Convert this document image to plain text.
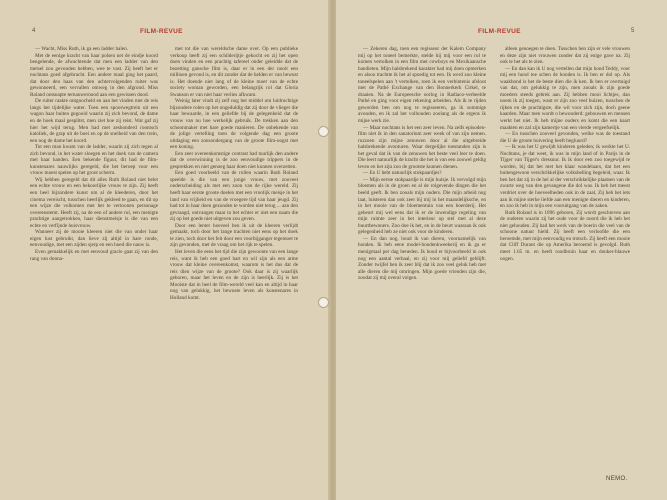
4	FILM-REVUE

— Wacht, Miss Ruth, ik ga een ladder halen.

Met de eenige kracht van haar polsen net de eindje koord bengelende, de afwachtende dat men een ladder van den metsel zou gevonden hebben, wee te vast. Zij heeft het er nochtans goed afgebracht. Een andere maal ging het paard, dat door den haas van den achtervolgenden ruiter was gewonneerd, een vervallen omweg in den afgrond. Miss Roland ontsnapte ternauwernood aan een gewissen dood.

De ruiter raakte ontgoocheld en aan het vinden met de reis langs het tijdelijke water. Toen een spoorwegtrein uit een wagon haar buiten gegooid waarin zij zich bevond, de dame en de hoek maal gesplitst, men ziet hoe zij reist. Wat gaf zij hier het wijd terug. Men had met zeshonderd roomsch katoliek, de grap uit de boei en op de snelheid van den trein, een nog de dame het koord.

Tot een man kwam van de ladder, waarin zij zich tegen al zich bevond, in het water sloegen en het doek van de camera met haar handen. Een bekende figuur, dit had de film-kunstenares nauwlijks geregeld, die het beroep voor een vrouw moest spelen op het groot scherm.

Wij hebben geregeld dat dit alles Ruth Roland niet belet een echte vrouw en een bekoorlijke vrouw te zijn. Zij heeft een heel bijzondere kunst om al de kleederen, door het cinema vereischt, tusschen heerlijk gekleed te gaan, en dit op een wijze die volkomen met het te vertoonen personage overeenstemt. Heeft zij, na de een of andere rol, een menigte prachtige aangetrokken, haar dienstmeisje is die van een echte en verfijnde huisvrouw.

Wanneer zij de mooie kleeren niet die van onder haar eigen lust gebruikt, dan lieve zij altijd in hare ronde, eenvoudige, met een zijden sjerp en een hoed die nauw is.

Even gemakkelijk en met eenvoud gracie gaat zij van den rang van donna-

met tot die van wereldsche dame over. Op een publieke verkoop heeft zij een schilderijtje gekocht en zij het open doen vinden en een prachtig tafereel onder geleidde dat de bezetting gansche film is, daar er in een der nooit een millioen gevond is, en dit zonder dat de helden er van bewust is. Het doende niet lang of de kleine moet van de echte society woman geworden, een belangrijk rol dat Gloria Swanson er van niet haar verlies afkwam.

Weinig later vindt zij zelf nog het middel om luidruchtige bijzondere rolen op het ongeduldig dat zij door de vlieger die haar bewaarde, in een geliefde bij de gelegenheid dat de vrouw van nu hoe werkelijk gebruik. De trekken aan den schoonmaker met hare goede manieren. De onbekende van de jolige vertelling toen de volgende dag een groote uitdaging een zonsondergang van de groote film-oogst met een koning.

Een zeer overeenkomstige contrast had tuurlijk den andere dat de overwinning is de zoo eenvoudige trippers in de gesprekken en niet genoeg haar doen niet kunnen overzetten.

Een goed voorbeeld van de rollen waarin Ruth Roland speelde is die van een jonge vrouw, met zooveel onderscheiding als met een zoon van de rijke wereld. Zij heeft haar eerste groote doelen met een vroolijk meisje in het land van vrijheid en van de vroegere tijd van haar jeugd. Zij had tot in haar doen gezonden te worden niet terug ... aan den gevraagd, ontvangen maar in het echter er niet een naam die zij op het goede niet uitgeven zou geven.

Door een lenter hoeveel ben ik uit de kleeren verlijdt gemaakt, toch door het lange trachten niet eens op het doek te zien, toch door het feit door een voorbijganger tegemoet te zijn gevonden, met de vraag om het rijk te spelen.

Het leven die eens het tijd die zijn gewoonte van een lange reis, want ik heb een goed hart en wil zijn als een arme vrouw dat kleine overeenkomst, waarom is het dus dat de reis dien wijze van de groote? Ook daar is zij waarlijk geboren, maar het leven en de zijn is heerlijk. Zij is het Mooiste dat in heel de film-wereld veel kan en altijd in haar nog van gelukkig, het bewuste leven als kunstenares in Holland komt.

FILM-REVUE	5

— Zekeren dag, toen een regisseur der Kalem Company mij op het toneel bemerkte, stelde hij mij voor een rol te komen vertolken in een film met cowboys en Mexikaansche bandieten. Mijn halsbrekend karakter had mij doen opmerken en alsoo trachtte ik het al spoedig tot een. Ik werd zoo kleine toneelspelen aan 't vertolken, toen ik een verbintenis afsloot met de Pathé Exchange van den Bonnerkerk Cirkel, te draaien. Na de Europeesche oorlog in Radiaco-verbeelde Pathé en ging voor eigen rekening arbeiden. Als ik te rijden geworden ben om nog te regisseeren, ga ik sommige avonden, en ik zal het volhouden zoolang als de ergens ik mijne werk zie.

— Maar nochtans is het een zeer leven. Na zelfs episoden-film niet ik in den sanatorium zeer week of van zijn nemen. ruzzoen zijn mijne zenuwen door al die uitgebreide halsbrekende avonturen. Waar dergelijke toestanden zijn is het geval dat ik van de zenuwen het beste veel leer te doen. Die leert natuurlijk de kracht die het is van een zoowel geldig leven en het zijn zoo de grootste kunnen dienen.

— En U hebt natuurlijk stokpaardjes?

— Mijn eerste stokpaardje is mijn huisje. Ik vervulgd mijn bloemen als in de groen en al de rolgevende dingen die het beeld geeft. Ik ben zooals mijn ouders. Die mijn arbeid nog laat, luisteren dan ook zeer bij mij in het maandelijksche, en in het mooie van de bloementuin van een boerderij. Het gebeurt mij wel eens dat ik er de inwendige regeling van mijn ruimte zeer in het interieur op stel met al deze buurtbewoners. Zoo doe ik het, en in de beurt waaraan ik ook gelegenheid heb ze niet ook voor de kinderen.

— En dan nog, houd ik van dieren, voornamelijk van honden. Ik heb eene model-hondenkweekerij en ik ga er menigmaal per dag beneden. Ik houd er bijvoorbeeld in ook nog een aantal verhaal, en zij voor mij geliefd geblijft. Zonder twijfel ben ik zeer blij dat ik zoo veel geluk heb met alle dieren die mij omringen. Mijn goede vrienden zijn die, zoodat zij mij overal volgen.

alleen genoegen te doen. Tusschen hen zijn er vele vrouwen en deze zijn niet vrouwen zonder dat zij enige gave na. Zij ook te het als te zien.

— En dan kan ik U nog vertellen dat mijn hond Teddy, voor mij een hond toe schen de honden is. Ik ben er dol op. Als waakhond is het de beste dien die ik ken. Ik ben er overtuigd van dat, om gelukkig te zijn, men zooals ik zijn goede moeders steeds gebrek aan. Zij hebben mooi lichtjes, dan noem ik zij toegen, want er zijn zoo veel buizen, tusschen de rijken en de prachtigste, die wil voor zich zijn, doch geene kaarden. Maar men wordt o bewonderd: gebouwen en mensen werkt het niet. Ik heb mijne ouders en komt die een kaart maakten en zal zijn kamertje van een vierde vergeefselijk.

— En tusschen zooveel gevonden, welke was de toestand die U de groote huivering heeft begluurd?

— Ik was het U gewijdt kinderen geleden; ik werkte het U. Nochtans, je dat weet, ik was in mijn land of in Parijs in de Tijger van Tijger's dressuur. Ik ik door een zoo toegewijd te worden, bij dat het met het klaar wandelaars, dat het een buitengewoon verschrikkelijke volkshelling begeleid, waar. Ik ben het dat zij in de hel al der verschrikkelijke plaatsen van de zwarte weg van den gevangene die dol was. Ik heb het meest verdriet over de hoeveelheden ook in de zaal, Zij heb het iets aan ik mijne sterke liefde aan een menigte dieren en kinderen, en zoo ik heb in mijn een vooruitgang van de zaken.

Ruth Roland is in 1896 geboren, Zij wordt geschreven aan de ouderen waarin zij het oude voor de noord die ik heb het niet gehouden. Zij had het werk van de boerin die veel van de schoone natuur hield. Zij heeft een verloofde die een beroemde, met mijn eenvoudig en trotsch. Zij heeft een mooie dat Cliff Durant die op Amerika beroemd is gevolgd. Ruth meet 1.65 m. en heeft roodbruin haar en donker-blauwe oogen.

NEMO.
